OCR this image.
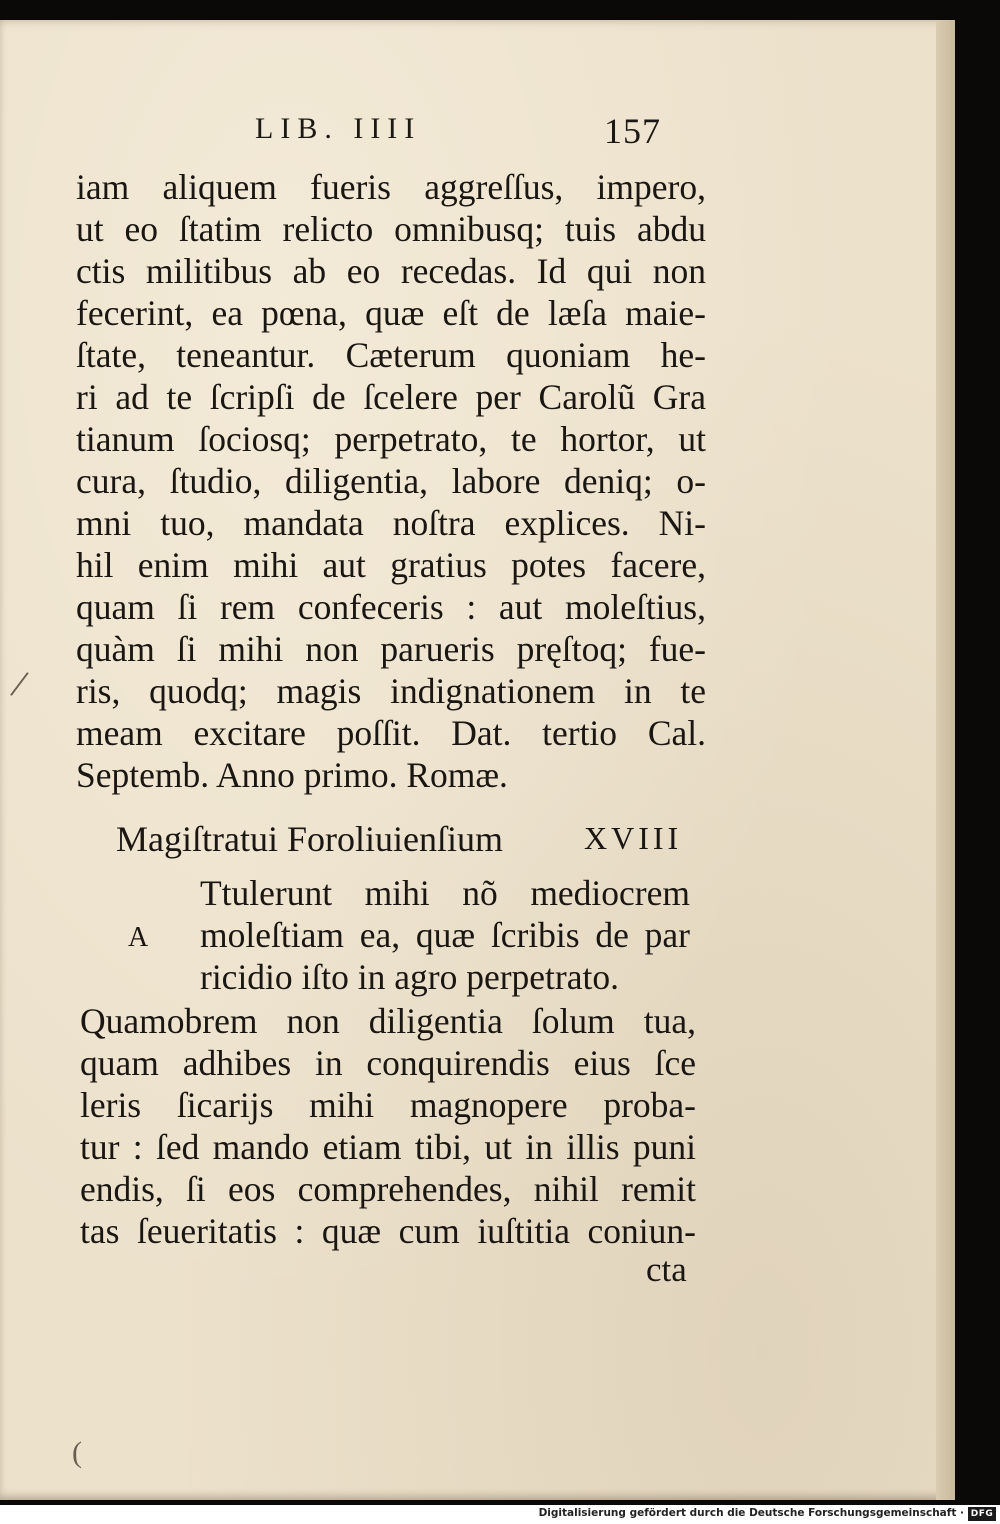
LIB. IIII	157
iam aliquem fueris aggreſſus, impero,
ut eo ſtatim relicto omnibusq; tuis abdu
ctis militibus ab eo recedas. Id qui non
fecerint, ea pœna, quæ eſt de læſa maie-
ſtate, teneantur. Cæterum quoniam he-
ri ad te ſcripſi de ſcelere per Carolũ Gra
tianum ſociosq; perpetrato, te hortor, ut
cura, ſtudio, diligentia, labore deniq; o-
mni tuo, mandata noſtra explices. Ni-
hil enim mihi aut gratius potes facere,
quam ſi rem confeceris : aut moleſtius,
quàm ſi mihi non parueris pręſtoq; fue-
ris, quodq; magis indignationem in te
meam excitare poſſit. Dat. tertio Cal.
Septemb. Anno primo. Romæ.
Magiſtratui Foroliuienſium	XVIII
A
Ttulerunt mihi nõ mediocrem
moleſtiam ea, quæ ſcribis de par
ricidio iſto in agro perpetrato.
Quamobrem non diligentia ſolum tua,
quam adhibes in conquirendis eius ſce
leris ſicarijs mihi magnopere proba-
tur : ſed mando etiam tibi, ut in illis puni
endis, ſi eos comprehendes, nihil remit
tas ſeueritatis : quæ cum iuſtitia coniun-
cta
/
(
Digitalisierung gefördert durch die Deutsche Forschungsgemeinschaft · DFG
